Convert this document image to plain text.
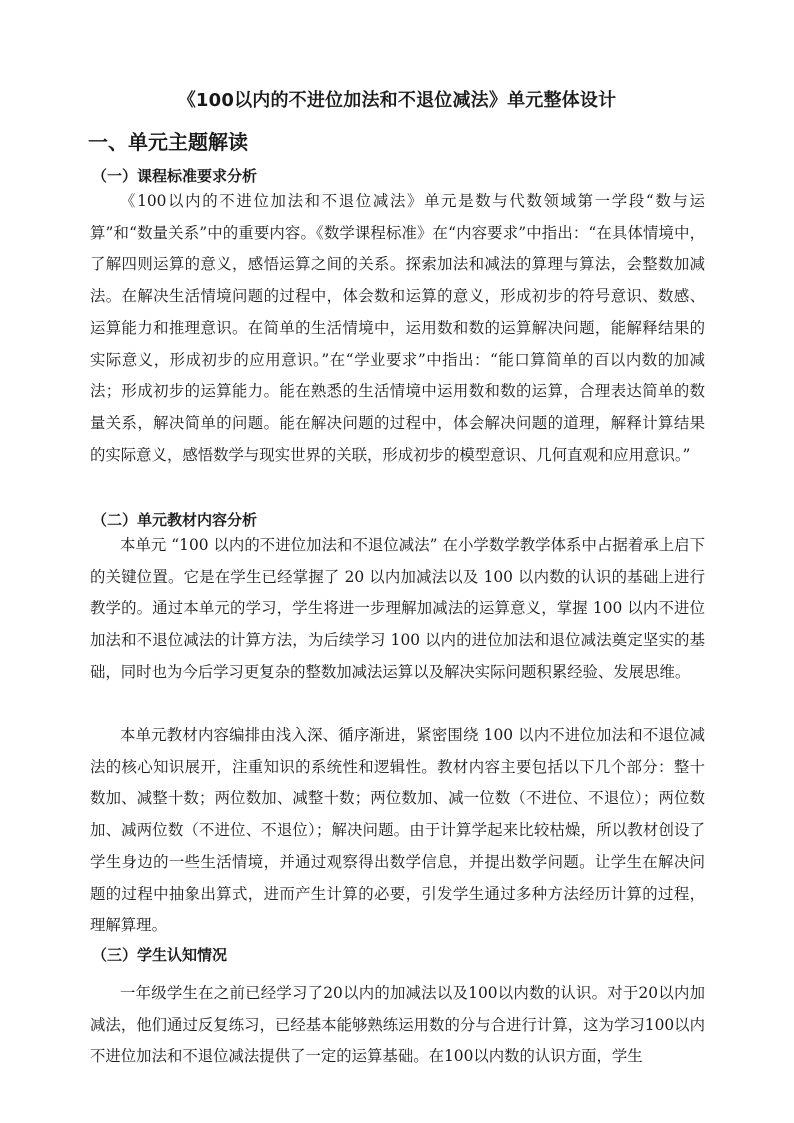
《100以内的不进位加法和不退位减法》单元整体设计
一、单元主题解读
（一）课程标准要求分析

《100以内的不进位加法和不退位减法》单元是数与代数领域第一学段“数与运算”和“数量关系”中的重要内容。《数学课程标准》在“内容要求”中指出：“在具体情境中，了解四则运算的意义，感悟运算之间的关系。探索加法和减法的算理与算法，会整数加减法。在解决生活情境问题的过程中，体会数和运算的意义，形成初步的符号意识、数感、运算能力和推理意识。在简单的生活情境中，运用数和数的运算解决问题，能解释结果的实际意义，形成初步的应用意识。”在“学业要求”中指出：“能口算简单的百以内数的加减法；形成初步的运算能力。能在熟悉的生活情境中运用数和数的运算，合理表达简单的数量关系，解决简单的问题。能在解决问题的过程中，体会解决问题的道理，解释计算结果的实际意义，感悟数学与现实世界的关联，形成初步的模型意识、几何直观和应用意识。”

（二）单元教材内容分析

本单元 “100 以内的不进位加法和不退位减法” 在小学数学教学体系中占据着承上启下的关键位置。它是在学生已经掌握了 20 以内加减法以及 100 以内数的认识的基础上进行教学的。通过本单元的学习，学生将进一步理解加减法的运算意义，掌握 100 以内不进位加法和不退位减法的计算方法，为后续学习 100 以内的进位加法和退位减法奠定坚实的基础，同时也为今后学习更复杂的整数加减法运算以及解决实际问题积累经验、发展思维。

本单元教材内容编排由浅入深、循序渐进，紧密围绕 100 以内不进位加法和不退位减法的核心知识展开，注重知识的系统性和逻辑性。教材内容主要包括以下几个部分：整十数加、减整十数；两位数加、减整十数；两位数加、减一位数（不进位、不退位）；两位数加、减两位数（不进位、不退位）；解决问题。由于计算学起来比较枯燥，所以教材创设了学生身边的一些生活情境，并通过观察得出数学信息，并提出数学问题。让学生在解决问题的过程中抽象出算式，进而产生计算的必要，引发学生通过多种方法经历计算的过程，理解算理。

（三）学生认知情况

一年级学生在之前已经学习了20以内的加减法以及100以内数的认识。对于20以内加减法，他们通过反复练习，已经基本能够熟练运用数的分与合进行计算，这为学习100以内不进位加法和不退位减法提供了一定的运算基础。在100以内数的认识方面，学生
